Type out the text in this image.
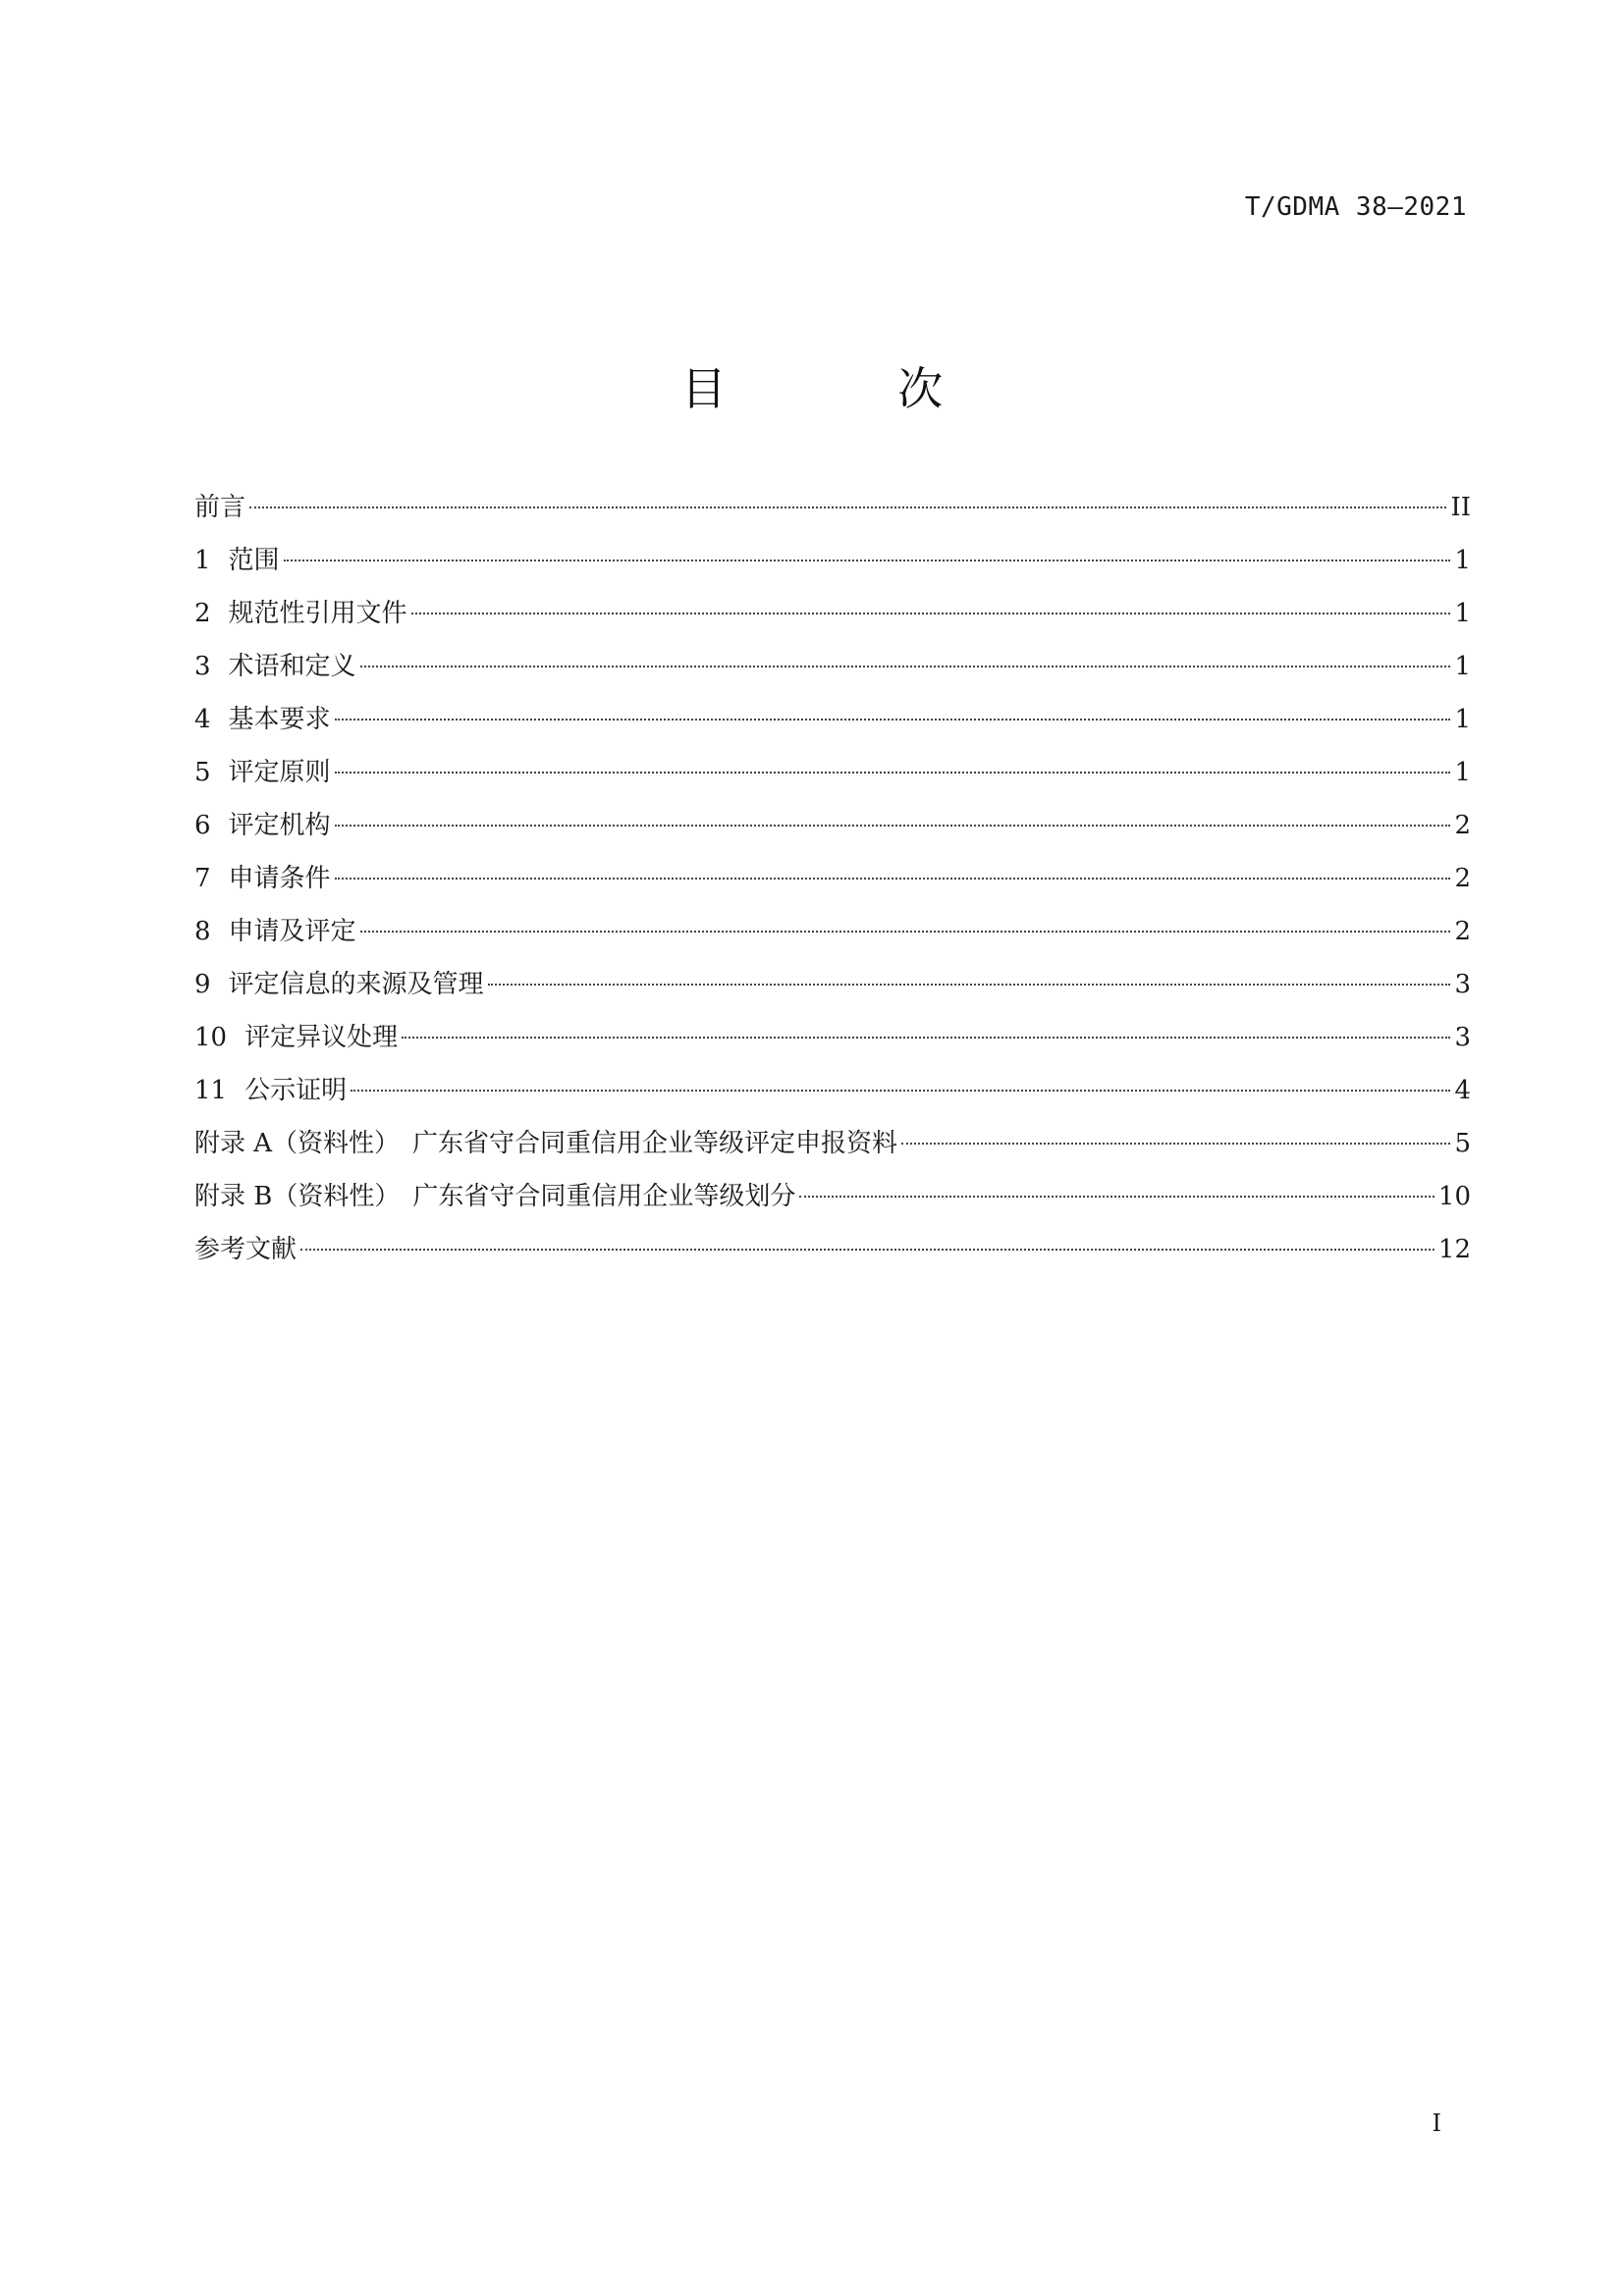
T/GDMA 38—2021
目 次
前言	II
1 范围	1
2 规范性引用文件	1
3 术语和定义	1
4 基本要求	1
5 评定原则	1
6 评定机构	2
7 申请条件	2
8 申请及评定	2
9 评定信息的来源及管理	3
10 评定异议处理	3
11 公示证明	4
附录 A（资料性）　广东省守合同重信用企业等级评定申报资料	5
附录 B（资料性）　广东省守合同重信用企业等级划分	10
参考文献	12
I
